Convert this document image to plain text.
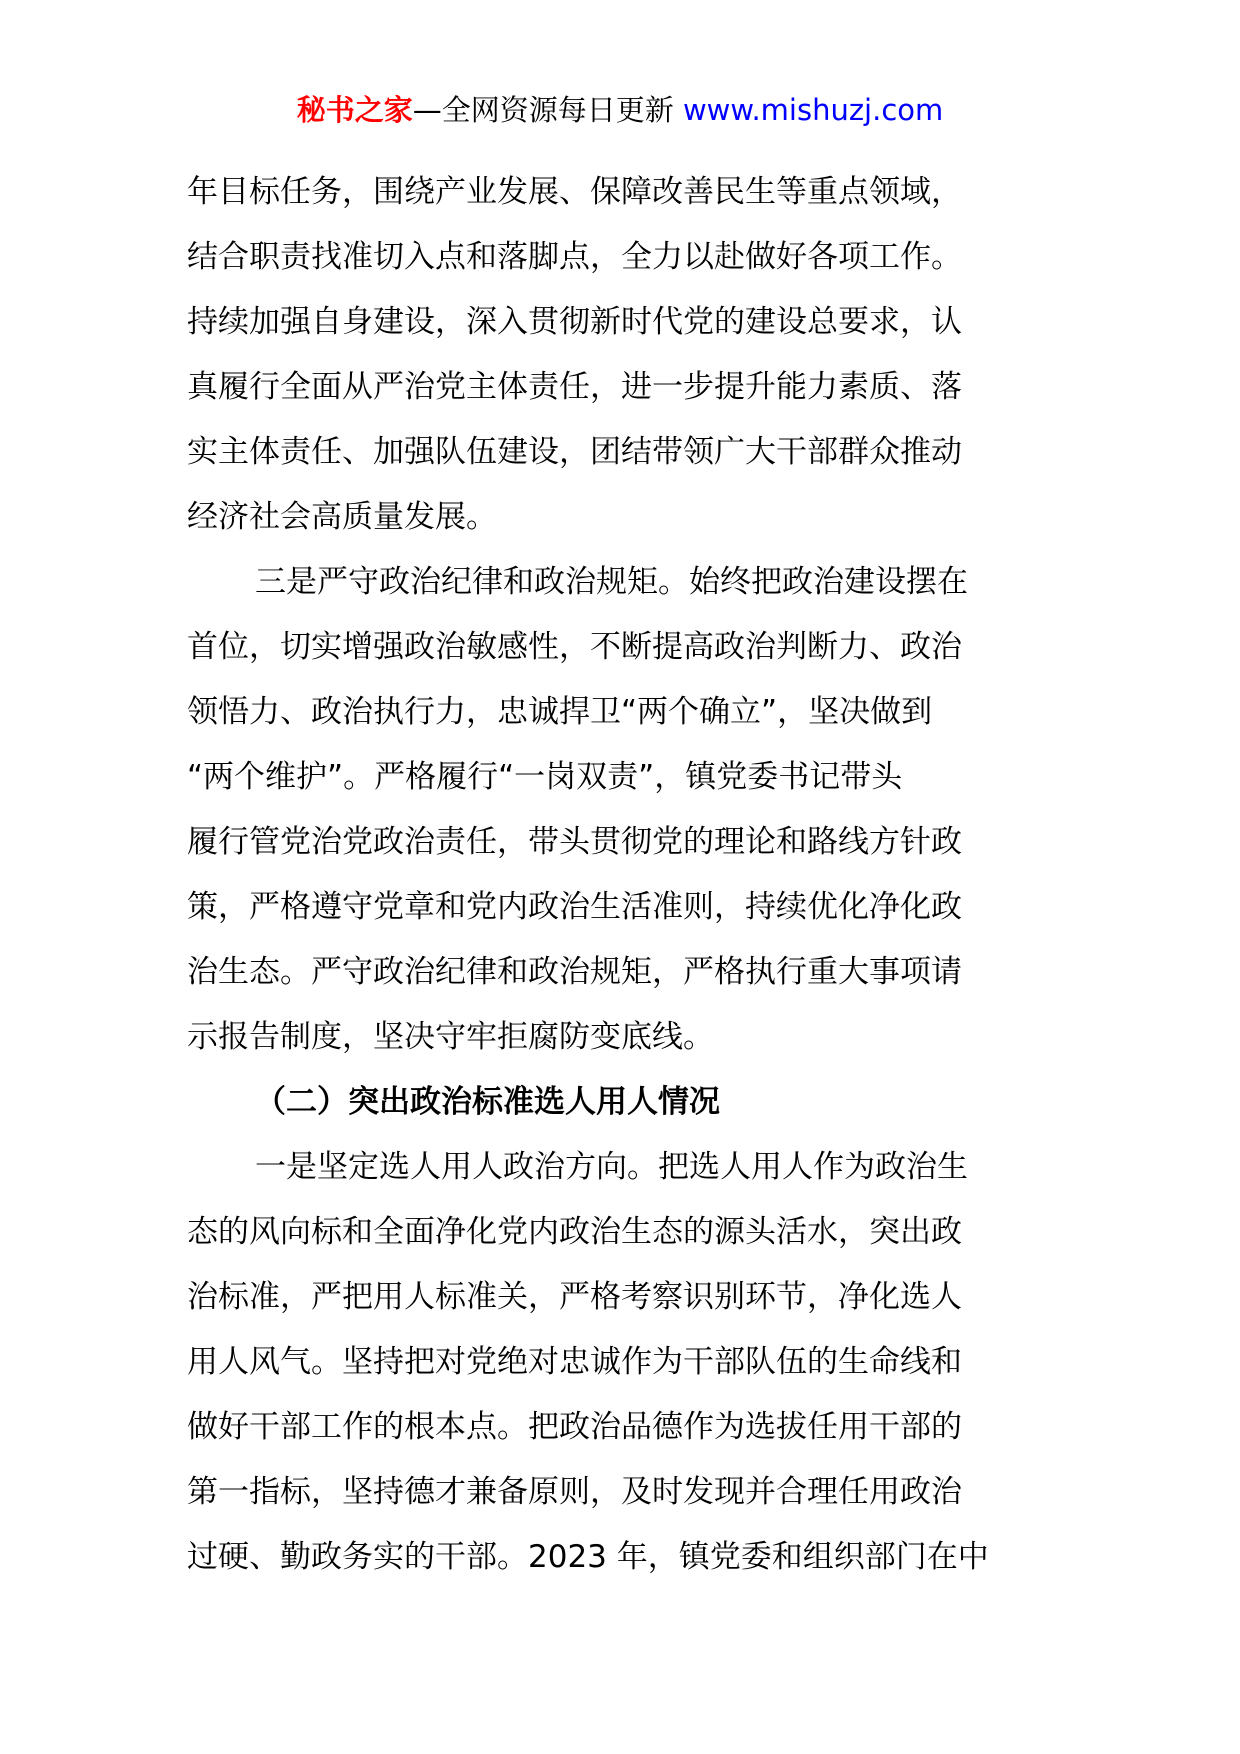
秘书之家—全网资源每日更新 www.mishuzj.com
年目标任务，围绕产业发展、保障改善民生等重点领域，
结合职责找准切入点和落脚点，全力以赴做好各项工作。
持续加强自身建设，深入贯彻新时代党的建设总要求，认
真履行全面从严治党主体责任，进一步提升能力素质、落
实主体责任、加强队伍建设，团结带领广大干部群众推动
经济社会高质量发展。
三是严守政治纪律和政治规矩。始终把政治建设摆在
首位，切实增强政治敏感性，不断提高政治判断力、政治
领悟力、政治执行力，忠诚捍卫“两个确立”，坚决做到
“两个维护”。严格履行“一岗双责”，镇党委书记带头
履行管党治党政治责任，带头贯彻党的理论和路线方针政
策，严格遵守党章和党内政治生活准则，持续优化净化政
治生态。严守政治纪律和政治规矩，严格执行重大事项请
示报告制度，坚决守牢拒腐防变底线。
（二）突出政治标准选人用人情况
一是坚定选人用人政治方向。把选人用人作为政治生
态的风向标和全面净化党内政治生态的源头活水，突出政
治标准，严把用人标准关，严格考察识别环节，净化选人
用人风气。坚持把对党绝对忠诚作为干部队伍的生命线和
做好干部工作的根本点。把政治品德作为选拔任用干部的
第一指标，坚持德才兼备原则，及时发现并合理任用政治
过硬、勤政务实的干部。2023 年，镇党委和组织部门在中
